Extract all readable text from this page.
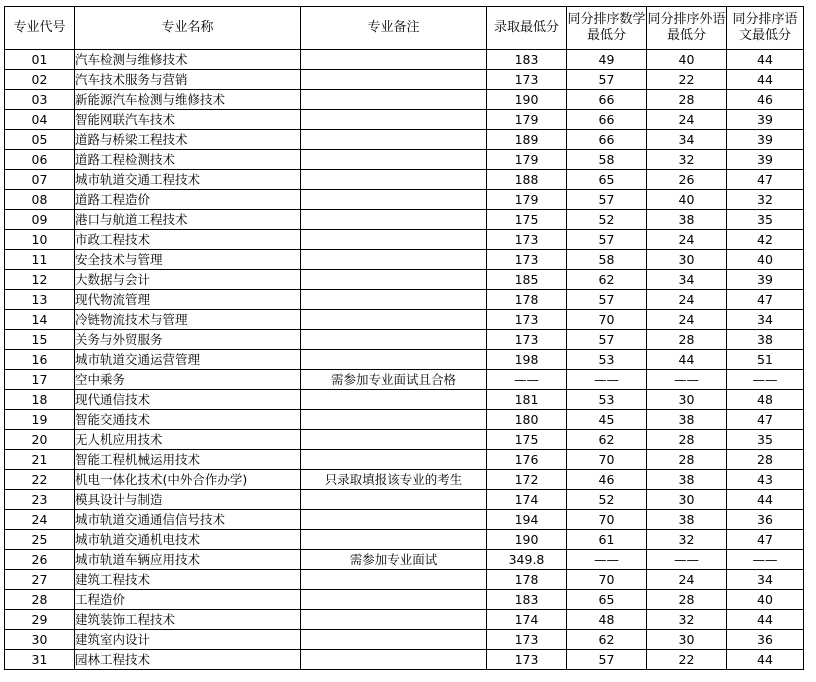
专业代号	专业名称	专业备注	录取最低分	同分排序数学最低分	同分排序外语最低分	同分排序语文最低分
01	汽车检测与维修技术		183	49	40	44
02	汽车技术服务与营销		173	57	22	44
03	新能源汽车检测与维修技术		190	66	28	46
04	智能网联汽车技术		179	66	24	39
05	道路与桥梁工程技术		189	66	34	39
06	道路工程检测技术		179	58	32	39
07	城市轨道交通工程技术		188	65	26	47
08	道路工程造价		179	57	40	32
09	港口与航道工程技术		175	52	38	35
10	市政工程技术		173	57	24	42
11	安全技术与管理		173	58	30	40
12	大数据与会计		185	62	34	39
13	现代物流管理		178	57	24	47
14	冷链物流技术与管理		173	70	24	34
15	关务与外贸服务		173	57	28	38
16	城市轨道交通运营管理		198	53	44	51
17	空中乘务	需参加专业面试且合格	——	——	——	——
18	现代通信技术		181	53	30	48
19	智能交通技术		180	45	38	47
20	无人机应用技术		175	62	28	35
21	智能工程机械运用技术		176	70	28	28
22	机电一体化技术(中外合作办学)	只录取填报该专业的考生	172	46	38	43
23	模具设计与制造		174	52	30	44
24	城市轨道交通通信信号技术		194	70	38	36
25	城市轨道交通机电技术		190	61	32	47
26	城市轨道车辆应用技术	需参加专业面试	349.8	——	——	——
27	建筑工程技术		178	70	24	34
28	工程造价		183	65	28	40
29	建筑装饰工程技术		174	48	32	44
30	建筑室内设计		173	62	30	36
31	园林工程技术		173	57	22	44
